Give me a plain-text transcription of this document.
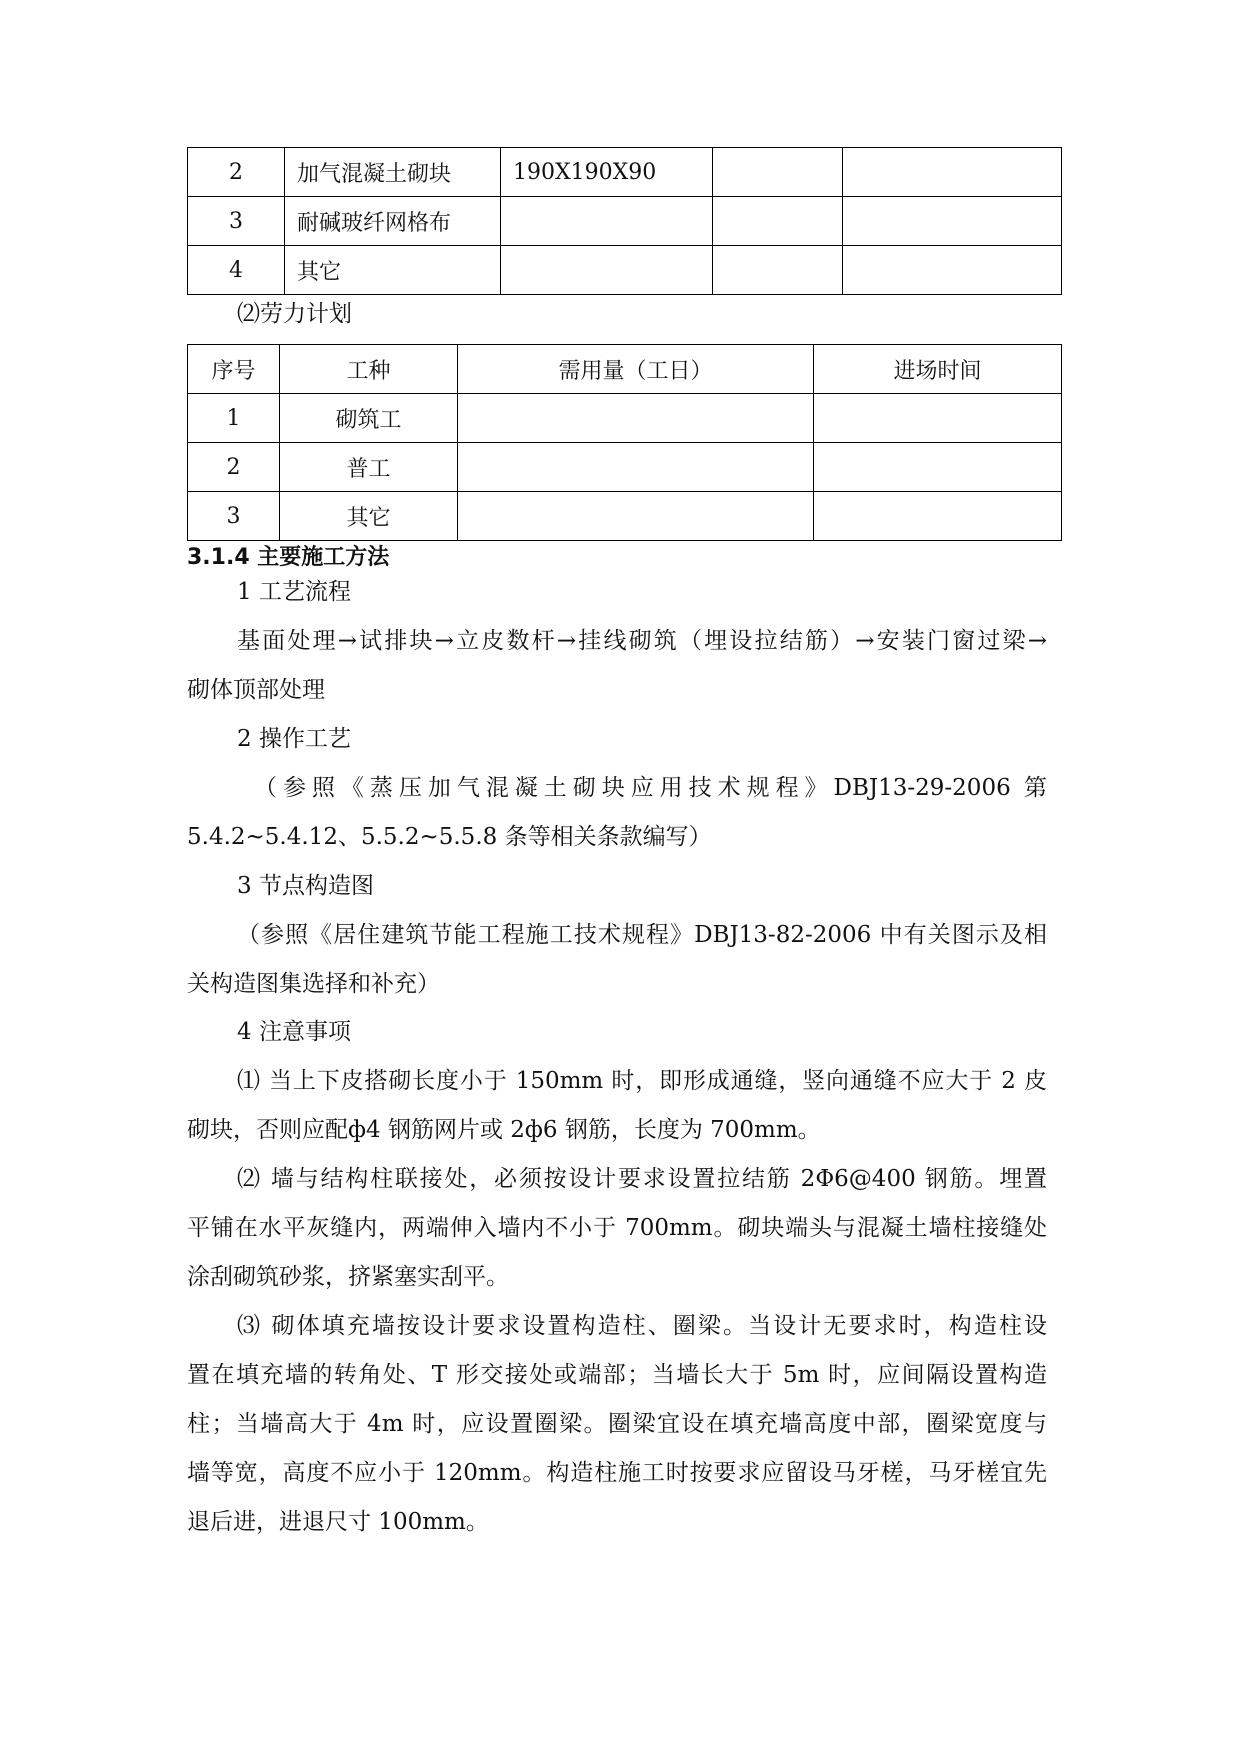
2	加气混凝土砌块	190X190X90		
3	耐碱玻纤网格布			
4	其它			
⑵劳力计划
序号	工种	需用量（工日）	进场时间
1	砌筑工		
2	普工		
3	其它		
3.1.4 主要施工方法
1 工艺流程
基面处理→试排块→立皮数杆→挂线砌筑（埋设拉结筋）→安装门窗过梁→
砌体顶部处理
2 操作工艺
（参照《蒸压加气混凝土砌块应用技术规程》DBJ13-29-2006 第
5.4.2~5.4.12、5.5.2~5.5.8 条等相关条款编写）
3 节点构造图
（参照《居住建筑节能工程施工技术规程》DBJ13-82-2006 中有关图示及相
关构造图集选择和补充）
4 注意事项
⑴ 当上下皮搭砌长度小于 150mm 时，即形成通缝，竖向通缝不应大于 2 皮
砌块，否则应配ф4 钢筋网片或 2ф6 钢筋，长度为 700mm。
⑵ 墙与结构柱联接处，必须按设计要求设置拉结筋 2Φ6@400 钢筋。埋置
平铺在水平灰缝内，两端伸入墙内不小于 700mm。砌块端头与混凝土墙柱接缝处
涂刮砌筑砂浆，挤紧塞实刮平。
⑶ 砌体填充墙按设计要求设置构造柱、圈梁。当设计无要求时，构造柱设
置在填充墙的转角处、T 形交接处或端部；当墙长大于 5m 时，应间隔设置构造
柱；当墙高大于 4m 时，应设置圈梁。圈梁宜设在填充墙高度中部，圈梁宽度与
墙等宽，高度不应小于 120mm。构造柱施工时按要求应留设马牙槎，马牙槎宜先
退后进，进退尺寸 100mm。
